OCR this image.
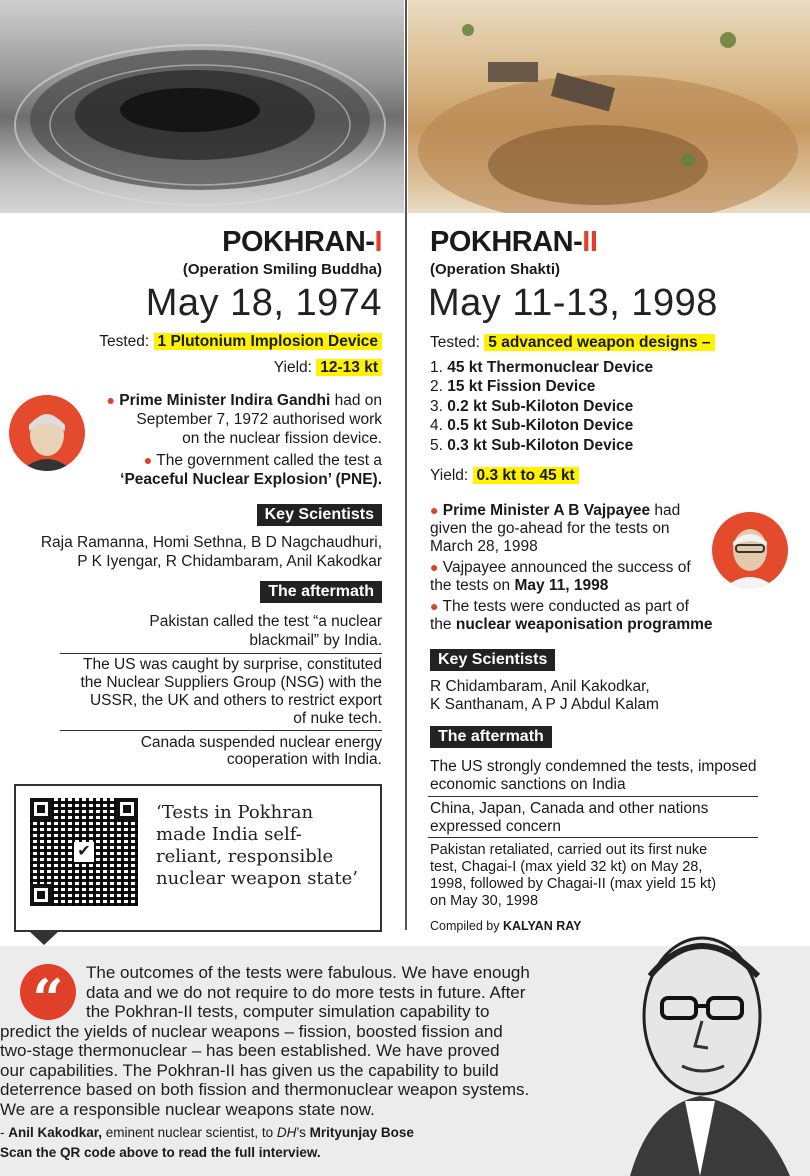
POKHRAN-I
(Operation Smiling Buddha)
May 18, 1974
Tested: 1 Plutonium Implosion Device
Yield: 12-13 kt
● Prime Minister Indira Gandhi had on
September 7, 1972 authorised work
on the nuclear fission device.
● The government called the test a
‘Peaceful Nuclear Explosion’ (PNE).
Key Scientists
Raja Ramanna, Homi Sethna, B D Nagchaudhuri,
P K Iyengar, R Chidambaram, Anil Kakodkar
The aftermath
Pakistan called the test “a nuclear
blackmail” by India.
The US was caught by surprise, constituted
the Nuclear Suppliers Group (NSG) with the
USSR, the UK and others to restrict export
of nuke tech.
Canada suspended nuclear energy
cooperation with India.
✔
‘Tests in Pokhran
made India self-
reliant, responsible
nuclear weapon state’
POKHRAN-II
(Operation Shakti)
May 11-13, 1998
Tested: 5 advanced weapon designs –
1. 45 kt Thermonuclear Device
2. 15 kt Fission Device
3. 0.2 kt Sub-Kiloton Device
4. 0.5 kt Sub-Kiloton Device
5. 0.3 kt Sub-Kiloton Device
Yield: 0.3 kt to 45 kt
● Prime Minister A B Vajpayee had
given the go-ahead for the tests on
March 28, 1998
● Vajpayee announced the success of
the tests on May 11, 1998
● The tests were conducted as part of
the nuclear weaponisation programme
Key Scientists
R Chidambaram, Anil Kakodkar,
K Santhanam, A P J Abdul Kalam
The aftermath
The US strongly condemned the tests, imposed
economic sanctions on India
China, Japan, Canada and other nations
expressed concern
Pakistan retaliated, carried out its first nuke
test, Chagai-I (max yield 32 kt) on May 28,
1998, followed by Chagai-II (max yield 15 kt)
on May 30, 1998
Compiled by KALYAN RAY
“	The outcomes of the tests were fabulous. We have enough
data and we do not require to do more tests in future. After
the Pokhran-II tests, computer simulation capability to
predict the yields of nuclear weapons – fission, boosted fission and
two-stage thermonuclear – has been established. We have proved
our capabilities. The Pokhran-II has given us the capability to build
deterrence based on both fission and thermonuclear weapon systems.
We are a responsible nuclear weapons state now.
- Anil Kakodkar, eminent nuclear scientist, to DH’s Mrityunjay Bose
Scan the QR code above to read the full interview.
